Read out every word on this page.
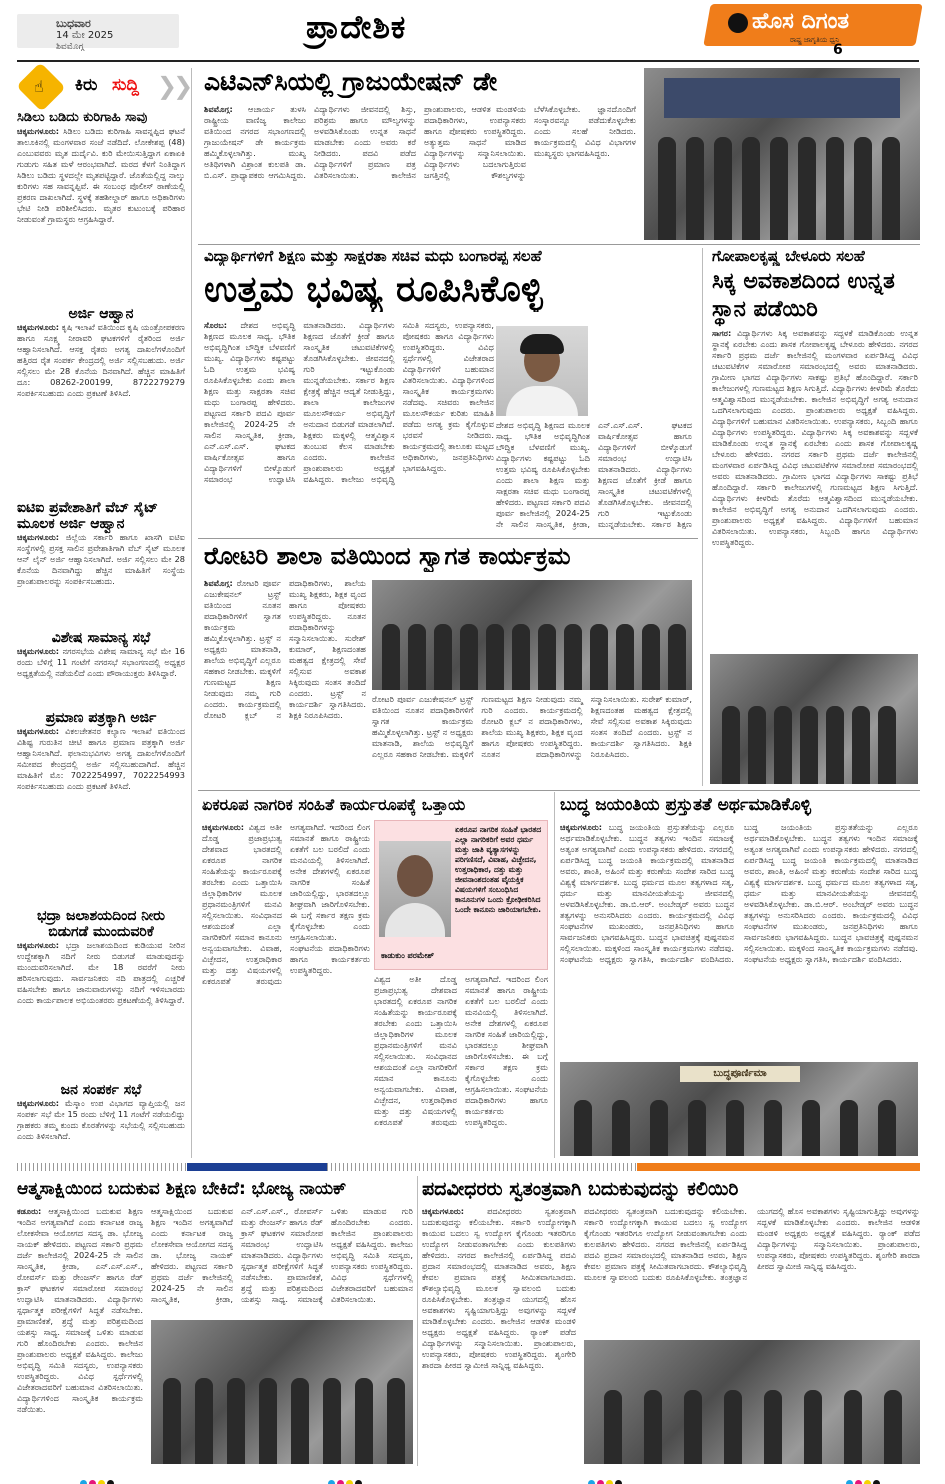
ಬುಧವಾರ
14 ಮೇ 2025
ಶಿವಮೊಗ್ಗ
ಪ್ರಾದೇಶಿಕ	ಹೊಸ ದಿಗಂತ
ರಾಷ್ಟ್ರ ಜಾಗೃತಿಯ ಧ್ವನಿ
6
☝ ಕಿರು ಸುದ್ದಿ ❯❯
ಸಿಡಿಲು ಬಡಿದು ಕುರಿಗಾಹಿ ಸಾವು

ಚಿಕ್ಕಮಗಳೂರು: ಸಿಡಿಲು ಬಡಿದು ಕುರಿಗಾಹಿ ಸಾವನ್ನಪ್ಪಿದ ಘಟನೆ ತಾಲೂಕಿನಲ್ಲಿ ಮಂಗಳವಾರ ಸಂಜೆ ನಡೆದಿದೆ. ಲೋಕೇಶಪ್ಪ (48) ಎಂಬುವವರು ಮೃತ ದುರ್ದೈವಿ. ಕುರಿ ಮೇಯಿಸುತ್ತಿದ್ದಾಗ ಏಕಾಏಕಿ ಗುಡುಗು ಸಹಿತ ಮಳೆ ಆರಂಭವಾಗಿದೆ. ಮರದ ಕೆಳಗೆ ನಿಂತಿದ್ದಾಗ ಸಿಡಿಲು ಬಡಿದು ಸ್ಥಳದಲ್ಲೇ ಮೃತಪಟ್ಟಿದ್ದಾರೆ. ಜೊತೆಯಲ್ಲಿದ್ದ ನಾಲ್ಕು ಕುರಿಗಳು ಸಹ ಸಾವನ್ನಪ್ಪಿವೆ. ಈ ಸಂಬಂಧ ಪೊಲೀಸ್ ಠಾಣೆಯಲ್ಲಿ ಪ್ರಕರಣ ದಾಖಲಾಗಿದೆ. ಸ್ಥಳಕ್ಕೆ ತಹಶೀಲ್ದಾರ್ ಹಾಗೂ ಅಧಿಕಾರಿಗಳು ಭೇಟಿ ನೀಡಿ ಪರಿಶೀಲಿಸಿದರು. ಮೃತರ ಕುಟುಂಬಕ್ಕೆ ಪರಿಹಾರ ನೀಡುವಂತೆ ಗ್ರಾಮಸ್ಥರು ಆಗ್ರಹಿಸಿದ್ದಾರೆ.

ಅರ್ಜಿ ಆಹ್ವಾನ

ಚಿಕ್ಕಮಗಳೂರು: ಕೃಷಿ ಇಲಾಖೆ ವತಿಯಿಂದ ಕೃಷಿ ಯಂತ್ರೋಪಕರಣ ಹಾಗೂ ಸೂಕ್ಷ್ಮ ನೀರಾವರಿ ಘಟಕಗಳಿಗೆ ರೈತರಿಂದ ಅರ್ಜಿ ಆಹ್ವಾನಿಸಲಾಗಿದೆ. ಆಸಕ್ತ ರೈತರು ಅಗತ್ಯ ದಾಖಲೆಗಳೊಂದಿಗೆ ಹತ್ತಿರದ ರೈತ ಸಂಪರ್ಕ ಕೇಂದ್ರದಲ್ಲಿ ಅರ್ಜಿ ಸಲ್ಲಿಸಬಹುದು. ಅರ್ಜಿ ಸಲ್ಲಿಸಲು ಮೇ 28 ಕೊನೆಯ ದಿನವಾಗಿದೆ. ಹೆಚ್ಚಿನ ಮಾಹಿತಿಗೆ ದೂ: 08262-200199, 8722279279 ಸಂಪರ್ಕಿಸಬಹುದು ಎಂದು ಪ್ರಕಟಣೆ ತಿಳಿಸಿದೆ.

ಐಟಿಐ ಪ್ರವೇಶಾತಿಗೆ ವೆಬ್ ಸೈಟ್ ಮೂಲಕ ಅರ್ಜಿ ಆಹ್ವಾನ

ಚಿಕ್ಕಮಗಳೂರು: ಜಿಲ್ಲೆಯ ಸರ್ಕಾರಿ ಹಾಗೂ ಖಾಸಗಿ ಐಟಿಐ ಸಂಸ್ಥೆಗಳಲ್ಲಿ ಪ್ರಸಕ್ತ ಸಾಲಿನ ಪ್ರವೇಶಾತಿಗಾಗಿ ವೆಬ್ ಸೈಟ್ ಮೂಲಕ ಆನ್ ಲೈನ್ ಅರ್ಜಿ ಆಹ್ವಾನಿಸಲಾಗಿದೆ. ಅರ್ಜಿ ಸಲ್ಲಿಸಲು ಮೇ 28 ಕೊನೆಯ ದಿನವಾಗಿದ್ದು ಹೆಚ್ಚಿನ ಮಾಹಿತಿಗೆ ಸಂಸ್ಥೆಯ ಪ್ರಾಂಶುಪಾಲರನ್ನು ಸಂಪರ್ಕಿಸಬಹುದು.

ವಿಶೇಷ ಸಾಮಾನ್ಯ ಸಭೆ

ಚಿಕ್ಕಮಗಳೂರು: ನಗರಸಭೆಯ ವಿಶೇಷ ಸಾಮಾನ್ಯ ಸಭೆ ಮೇ 16 ರಂದು ಬೆಳಿಗ್ಗೆ 11 ಗಂಟೆಗೆ ನಗರಸಭೆ ಸಭಾಂಗಣದಲ್ಲಿ ಅಧ್ಯಕ್ಷರ ಅಧ್ಯಕ್ಷತೆಯಲ್ಲಿ ನಡೆಯಲಿದೆ ಎಂದು ಪೌರಾಯುಕ್ತರು ತಿಳಿಸಿದ್ದಾರೆ.

ಪ್ರಮಾಣ ಪತ್ರಕ್ಕಾಗಿ ಅರ್ಜಿ

ಚಿಕ್ಕಮಗಳೂರು: ವಿಕಲಚೇತನರ ಕಲ್ಯಾಣ ಇಲಾಖೆ ವತಿಯಿಂದ ವಿಶಿಷ್ಟ ಗುರುತಿನ ಚೀಟಿ ಹಾಗೂ ಪ್ರಮಾಣ ಪತ್ರಕ್ಕಾಗಿ ಅರ್ಜಿ ಆಹ್ವಾನಿಸಲಾಗಿದೆ. ಫಲಾನುಭವಿಗಳು ಅಗತ್ಯ ದಾಖಲೆಗಳೊಂದಿಗೆ ಸಮೀಪದ ಕೇಂದ್ರದಲ್ಲಿ ಅರ್ಜಿ ಸಲ್ಲಿಸಬಹುದಾಗಿದೆ. ಹೆಚ್ಚಿನ ಮಾಹಿತಿಗೆ ಮೊ: 7022254997, 7022254993 ಸಂಪರ್ಕಿಸಬಹುದು ಎಂದು ಪ್ರಕಟಣೆ ತಿಳಿಸಿದೆ.

ಭದ್ರಾ ಜಲಾಶಯದಿಂದ ನೀರು ಬಿಡುಗಡೆ ಮುಂದುವರಿಕೆ

ಚಿಕ್ಕಮಗಳೂರು: ಭದ್ರಾ ಜಲಾಶಯದಿಂದ ಕುಡಿಯುವ ನೀರಿನ ಉದ್ದೇಶಕ್ಕಾಗಿ ನದಿಗೆ ನೀರು ಬಿಡುಗಡೆ ಮಾಡುವುದನ್ನು ಮುಂದುವರಿಸಲಾಗಿದೆ. ಮೇ 18 ರವರೆಗೆ ನೀರು ಹರಿಸಲಾಗುವುದು. ಸಾರ್ವಜನಿಕರು ನದಿ ಪಾತ್ರದಲ್ಲಿ ಎಚ್ಚರಿಕೆ ವಹಿಸಬೇಕು ಹಾಗೂ ಜಾನುವಾರುಗಳನ್ನು ನದಿಗೆ ಇಳಿಸಬಾರದು ಎಂದು ಕಾರ್ಯಪಾಲಕ ಅಭಿಯಂತರರು ಪ್ರಕಟಣೆಯಲ್ಲಿ ತಿಳಿಸಿದ್ದಾರೆ.

ಜನ ಸಂಪರ್ಕ ಸಭೆ

ಚಿಕ್ಕಮಗಳೂರು: ಮೆಸ್ಕಾಂ ಉಪ ವಿಭಾಗದ ವ್ಯಾಪ್ತಿಯಲ್ಲಿ ಜನ ಸಂಪರ್ಕ ಸಭೆ ಮೇ 15 ರಂದು ಬೆಳಿಗ್ಗೆ 11 ಗಂಟೆಗೆ ನಡೆಯಲಿದ್ದು ಗ್ರಾಹಕರು ತಮ್ಮ ಕುಂದು ಕೊರತೆಗಳನ್ನು ಸಭೆಯಲ್ಲಿ ಸಲ್ಲಿಸಬಹುದು ಎಂದು ತಿಳಿಸಲಾಗಿದೆ.

ಎಟಿಎನ್‌ಸಿಯಲ್ಲಿ ಗ್ರಾಜುಯೇಷನ್ ಡೇ
ಶಿವಮೊಗ್ಗ: ಆಚಾರ್ಯ ತುಳಸಿ ರಾಷ್ಟ್ರೀಯ ವಾಣಿಜ್ಯ ಕಾಲೇಜು ವತಿಯಿಂದ ನಗರದ ಸಭಾಂಗಣದಲ್ಲಿ ಗ್ರಾಜುಯೇಷನ್ ಡೇ ಕಾರ್ಯಕ್ರಮ ಹಮ್ಮಿಕೊಳ್ಳಲಾಗಿತ್ತು. ಮುಖ್ಯ ಅತಿಥಿಗಳಾಗಿ ವಿಶ್ರಾಂತ ಕುಲಪತಿ ಡಾ. ಬಿ.ಎಸ್. ಪ್ರಾಧ್ಯಾಪಕರು ಆಗಮಿಸಿದ್ದರು. ವಿದ್ಯಾರ್ಥಿಗಳು ಜೀವನದಲ್ಲಿ ಶಿಸ್ತು, ಪರಿಶ್ರಮ ಹಾಗೂ ಮೌಲ್ಯಗಳನ್ನು ಅಳವಡಿಸಿಕೊಂಡು ಉನ್ನತ ಸಾಧನೆ ಮಾಡಬೇಕು ಎಂದು ಅವರು ಕರೆ ನೀಡಿದರು. ಪದವಿ ಪಡೆದ ವಿದ್ಯಾರ್ಥಿಗಳಿಗೆ ಪ್ರಮಾಣ ಪತ್ರ ವಿತರಿಸಲಾಯಿತು. ಕಾಲೇಜಿನ ಪ್ರಾಂಶುಪಾಲರು, ಆಡಳಿತ ಮಂಡಳಿಯ ಪದಾಧಿಕಾರಿಗಳು, ಉಪನ್ಯಾಸಕರು ಹಾಗೂ ಪೋಷಕರು ಉಪಸ್ಥಿತರಿದ್ದರು. ಅತ್ಯುತ್ತಮ ಸಾಧನೆ ಮಾಡಿದ ವಿದ್ಯಾರ್ಥಿಗಳನ್ನು ಸನ್ಮಾನಿಸಲಾಯಿತು. ವಿದ್ಯಾರ್ಥಿಗಳು ಬದಲಾಗುತ್ತಿರುವ ಜಗತ್ತಿನಲ್ಲಿ ಕೌಶಲ್ಯಗಳನ್ನು ಬೆಳೆಸಿಕೊಳ್ಳಬೇಕು. ಜ್ಞಾನದೊಂದಿಗೆ ಸಂಸ್ಕಾರವನ್ನೂ ಪಡೆದುಕೊಳ್ಳಬೇಕು ಎಂದು ಸಲಹೆ ನೀಡಿದರು. ಕಾರ್ಯಕ್ರಮದಲ್ಲಿ ವಿವಿಧ ವಿಭಾಗಗಳ ಮುಖ್ಯಸ್ಥರು ಭಾಗವಹಿಸಿದ್ದರು.
ವಿದ್ಯಾರ್ಥಿಗಳಿಗೆ ಶಿಕ್ಷಣ ಮತ್ತು ಸಾಕ್ಷರತಾ ಸಚಿವ ಮಧು ಬಂಗಾರಪ್ಪ ಸಲಹೆ
ಉತ್ತಮ ಭವಿಷ್ಯ ರೂಪಿಸಿಕೊಳ್ಳಿ
ಸೊರಬ: ದೇಶದ ಅಭಿವೃದ್ಧಿ ಶಿಕ್ಷಣದ ಮೂಲಕ ಸಾಧ್ಯ. ಭೌತಿಕ ಅಭಿವೃದ್ಧಿಗಿಂತ ಬೌದ್ಧಿಕ ಬೆಳವಣಿಗೆ ಮುಖ್ಯ. ವಿದ್ಯಾರ್ಥಿಗಳು ಕಷ್ಟಪಟ್ಟು ಓದಿ ಉತ್ತಮ ಭವಿಷ್ಯ ರೂಪಿಸಿಕೊಳ್ಳಬೇಕು ಎಂದು ಶಾಲಾ ಶಿಕ್ಷಣ ಮತ್ತು ಸಾಕ್ಷರತಾ ಸಚಿವ ಮಧು ಬಂಗಾರಪ್ಪ ಹೇಳಿದರು. ಪಟ್ಟಣದ ಸರ್ಕಾರಿ ಪದವಿ ಪೂರ್ವ ಕಾಲೇಜಿನಲ್ಲಿ 2024-25 ನೇ ಸಾಲಿನ ಸಾಂಸ್ಕೃತಿಕ, ಕ್ರೀಡಾ, ಎನ್.ಎಸ್.ಎಸ್. ಘಟಕದ ವಾರ್ಷಿಕೋತ್ಸವ ಹಾಗೂ ವಿದ್ಯಾರ್ಥಿಗಳಿಗೆ ಬೀಳ್ಕೊಡುಗೆ ಸಮಾರಂಭ ಉದ್ಘಾಟಿಸಿ ಮಾತನಾಡಿದರು. ವಿದ್ಯಾರ್ಥಿಗಳು ಶಿಕ್ಷಣದ ಜೊತೆಗೆ ಕ್ರೀಡೆ ಹಾಗೂ ಸಾಂಸ್ಕೃತಿಕ ಚಟುವಟಿಕೆಗಳಲ್ಲಿ ತೊಡಗಿಸಿಕೊಳ್ಳಬೇಕು. ಜೀವನದಲ್ಲಿ ಗುರಿ ಇಟ್ಟುಕೊಂಡು ಮುನ್ನಡೆಯಬೇಕು. ಸರ್ಕಾರ ಶಿಕ್ಷಣ ಕ್ಷೇತ್ರಕ್ಕೆ ಹೆಚ್ಚಿನ ಆದ್ಯತೆ ನೀಡುತ್ತಿದ್ದು, ಶಾಲಾ ಕಾಲೇಜುಗಳ ಮೂಲಸೌಕರ್ಯ ಅಭಿವೃದ್ಧಿಗೆ ಅನುದಾನ ಬಿಡುಗಡೆ ಮಾಡಲಾಗಿದೆ. ಶಿಕ್ಷಕರು ಮಕ್ಕಳಲ್ಲಿ ಆತ್ಮವಿಶ್ವಾಸ ತುಂಬುವ ಕೆಲಸ ಮಾಡಬೇಕು ಎಂದರು. ಕಾಲೇಜಿನ ಪ್ರಾಂಶುಪಾಲರು ಅಧ್ಯಕ್ಷತೆ ವಹಿಸಿದ್ದರು. ಕಾಲೇಜು ಅಭಿವೃದ್ಧಿ ಸಮಿತಿ ಸದಸ್ಯರು, ಉಪನ್ಯಾಸಕರು, ಪೋಷಕರು ಹಾಗೂ ವಿದ್ಯಾರ್ಥಿಗಳು ಉಪಸ್ಥಿತರಿದ್ದರು. ವಿವಿಧ ಸ್ಪರ್ಧೆಗಳಲ್ಲಿ ವಿಜೇತರಾದ ವಿದ್ಯಾರ್ಥಿಗಳಿಗೆ ಬಹುಮಾನ ವಿತರಿಸಲಾಯಿತು. ವಿದ್ಯಾರ್ಥಿಗಳಿಂದ ಸಾಂಸ್ಕೃತಿಕ ಕಾರ್ಯಕ್ರಮಗಳು ನಡೆದವು. ಸಚಿವರು ಕಾಲೇಜಿನ ಮೂಲಸೌಕರ್ಯ ಕುರಿತು ಮಾಹಿತಿ ಪಡೆದು ಅಗತ್ಯ ಕ್ರಮ ಕೈಗೊಳ್ಳುವ ಭರವಸೆ ನೀಡಿದರು. ಕಾರ್ಯಕ್ರಮದಲ್ಲಿ ತಾಲೂಕು ಮಟ್ಟದ ಅಧಿಕಾರಿಗಳು, ಜನಪ್ರತಿನಿಧಿಗಳು ಭಾಗವಹಿಸಿದ್ದರು.
ದೇಶದ ಅಭಿವೃದ್ಧಿ ಶಿಕ್ಷಣದ ಮೂಲಕ ಸಾಧ್ಯ. ಭೌತಿಕ ಅಭಿವೃದ್ಧಿಗಿಂತ ಬೌದ್ಧಿಕ ಬೆಳವಣಿಗೆ ಮುಖ್ಯ. ವಿದ್ಯಾರ್ಥಿಗಳು ಕಷ್ಟಪಟ್ಟು ಓದಿ ಉತ್ತಮ ಭವಿಷ್ಯ ರೂಪಿಸಿಕೊಳ್ಳಬೇಕು ಎಂದು ಶಾಲಾ ಶಿಕ್ಷಣ ಮತ್ತು ಸಾಕ್ಷರತಾ ಸಚಿವ ಮಧು ಬಂಗಾರಪ್ಪ ಹೇಳಿದರು. ಪಟ್ಟಣದ ಸರ್ಕಾರಿ ಪದವಿ ಪೂರ್ವ ಕಾಲೇಜಿನಲ್ಲಿ 2024-25 ನೇ ಸಾಲಿನ ಸಾಂಸ್ಕೃತಿಕ, ಕ್ರೀಡಾ, ಎನ್.ಎಸ್.ಎಸ್. ಘಟಕದ ವಾರ್ಷಿಕೋತ್ಸವ ಹಾಗೂ ವಿದ್ಯಾರ್ಥಿಗಳಿಗೆ ಬೀಳ್ಕೊಡುಗೆ ಸಮಾರಂಭ ಉದ್ಘಾಟಿಸಿ ಮಾತನಾಡಿದರು. ವಿದ್ಯಾರ್ಥಿಗಳು ಶಿಕ್ಷಣದ ಜೊತೆಗೆ ಕ್ರೀಡೆ ಹಾಗೂ ಸಾಂಸ್ಕೃತಿಕ ಚಟುವಟಿಕೆಗಳಲ್ಲಿ ತೊಡಗಿಸಿಕೊಳ್ಳಬೇಕು. ಜೀವನದಲ್ಲಿ ಗುರಿ ಇಟ್ಟುಕೊಂಡು ಮುನ್ನಡೆಯಬೇಕು. ಸರ್ಕಾರ ಶಿಕ್ಷಣ
ಗೋಪಾಲಕೃಷ್ಣ ಬೇಳೂರು ಸಲಹೆ
ಸಿಕ್ಕ ಅವಕಾಶದಿಂದ ಉನ್ನತ ಸ್ಥಾನ ಪಡೆಯಿರಿ
ಸಾಗರ: ವಿದ್ಯಾರ್ಥಿಗಳು ಸಿಕ್ಕ ಅವಕಾಶವನ್ನು ಸದ್ಬಳಕೆ ಮಾಡಿಕೊಂಡು ಉನ್ನತ ಸ್ಥಾನಕ್ಕೆ ಏರಬೇಕು ಎಂದು ಶಾಸಕ ಗೋಪಾಲಕೃಷ್ಣ ಬೇಳೂರು ಹೇಳಿದರು. ನಗರದ ಸರ್ಕಾರಿ ಪ್ರಥಮ ದರ್ಜೆ ಕಾಲೇಜಿನಲ್ಲಿ ಮಂಗಳವಾರ ಏರ್ಪಡಿಸಿದ್ದ ವಿವಿಧ ಚಟುವಟಿಕೆಗಳ ಸಮಾರೋಪ ಸಮಾರಂಭದಲ್ಲಿ ಅವರು ಮಾತನಾಡಿದರು. ಗ್ರಾಮೀಣ ಭಾಗದ ವಿದ್ಯಾರ್ಥಿಗಳು ಸಾಕಷ್ಟು ಪ್ರತಿಭೆ ಹೊಂದಿದ್ದಾರೆ. ಸರ್ಕಾರಿ ಕಾಲೇಜುಗಳಲ್ಲಿ ಗುಣಮಟ್ಟದ ಶಿಕ್ಷಣ ಸಿಗುತ್ತಿದೆ. ವಿದ್ಯಾರ್ಥಿಗಳು ಕೀಳರಿಮೆ ತೊರೆದು ಆತ್ಮವಿಶ್ವಾಸದಿಂದ ಮುನ್ನಡೆಯಬೇಕು. ಕಾಲೇಜಿನ ಅಭಿವೃದ್ಧಿಗೆ ಅಗತ್ಯ ಅನುದಾನ ಒದಗಿಸಲಾಗುವುದು ಎಂದರು. ಪ್ರಾಂಶುಪಾಲರು ಅಧ್ಯಕ್ಷತೆ ವಹಿಸಿದ್ದರು. ವಿದ್ಯಾರ್ಥಿಗಳಿಗೆ ಬಹುಮಾನ ವಿತರಿಸಲಾಯಿತು. ಉಪನ್ಯಾಸಕರು, ಸಿಬ್ಬಂದಿ ಹಾಗೂ ವಿದ್ಯಾರ್ಥಿಗಳು ಉಪಸ್ಥಿತರಿದ್ದರು. ವಿದ್ಯಾರ್ಥಿಗಳು ಸಿಕ್ಕ ಅವಕಾಶವನ್ನು ಸದ್ಬಳಕೆ ಮಾಡಿಕೊಂಡು ಉನ್ನತ ಸ್ಥಾನಕ್ಕೆ ಏರಬೇಕು ಎಂದು ಶಾಸಕ ಗೋಪಾಲಕೃಷ್ಣ ಬೇಳೂರು ಹೇಳಿದರು. ನಗರದ ಸರ್ಕಾರಿ ಪ್ರಥಮ ದರ್ಜೆ ಕಾಲೇಜಿನಲ್ಲಿ ಮಂಗಳವಾರ ಏರ್ಪಡಿಸಿದ್ದ ವಿವಿಧ ಚಟುವಟಿಕೆಗಳ ಸಮಾರೋಪ ಸಮಾರಂಭದಲ್ಲಿ ಅವರು ಮಾತನಾಡಿದರು. ಗ್ರಾಮೀಣ ಭಾಗದ ವಿದ್ಯಾರ್ಥಿಗಳು ಸಾಕಷ್ಟು ಪ್ರತಿಭೆ ಹೊಂದಿದ್ದಾರೆ. ಸರ್ಕಾರಿ ಕಾಲೇಜುಗಳಲ್ಲಿ ಗುಣಮಟ್ಟದ ಶಿಕ್ಷಣ ಸಿಗುತ್ತಿದೆ. ವಿದ್ಯಾರ್ಥಿಗಳು ಕೀಳರಿಮೆ ತೊರೆದು ಆತ್ಮವಿಶ್ವಾಸದಿಂದ ಮುನ್ನಡೆಯಬೇಕು. ಕಾಲೇಜಿನ ಅಭಿವೃದ್ಧಿಗೆ ಅಗತ್ಯ ಅನುದಾನ ಒದಗಿಸಲಾಗುವುದು ಎಂದರು. ಪ್ರಾಂಶುಪಾಲರು ಅಧ್ಯಕ್ಷತೆ ವಹಿಸಿದ್ದರು. ವಿದ್ಯಾರ್ಥಿಗಳಿಗೆ ಬಹುಮಾನ ವಿತರಿಸಲಾಯಿತು. ಉಪನ್ಯಾಸಕರು, ಸಿಬ್ಬಂದಿ ಹಾಗೂ ವಿದ್ಯಾರ್ಥಿಗಳು ಉಪಸ್ಥಿತರಿದ್ದರು.
ರೋಟರಿ ಶಾಲಾ ವತಿಯಿಂದ ಸ್ವಾಗತ ಕಾರ್ಯಕ್ರಮ
ಶಿವಮೊಗ್ಗ: ರೋಟರಿ ಪೂರ್ವ ಎಜುಕೇಷನಲ್ ಟ್ರಸ್ಟ್ ವತಿಯಿಂದ ನೂತನ ಪದಾಧಿಕಾರಿಗಳಿಗೆ ಸ್ವಾಗತ ಕಾರ್ಯಕ್ರಮ ಹಮ್ಮಿಕೊಳ್ಳಲಾಗಿತ್ತು. ಟ್ರಸ್ಟ್ ನ ಅಧ್ಯಕ್ಷರು ಮಾತನಾಡಿ, ಶಾಲೆಯ ಅಭಿವೃದ್ಧಿಗೆ ಎಲ್ಲರೂ ಸಹಕಾರ ನೀಡಬೇಕು. ಮಕ್ಕಳಿಗೆ ಗುಣಮಟ್ಟದ ಶಿಕ್ಷಣ ನೀಡುವುದು ನಮ್ಮ ಗುರಿ ಎಂದರು. ಕಾರ್ಯಕ್ರಮದಲ್ಲಿ ರೋಟರಿ ಕ್ಲಬ್ ನ ಪದಾಧಿಕಾರಿಗಳು, ಶಾಲೆಯ ಮುಖ್ಯ ಶಿಕ್ಷಕರು, ಶಿಕ್ಷಕ ವೃಂದ ಹಾಗೂ ಪೋಷಕರು ಉಪಸ್ಥಿತರಿದ್ದರು. ನೂತನ ಪದಾಧಿಕಾರಿಗಳನ್ನು ಸನ್ಮಾನಿಸಲಾಯಿತು. ಸುರೇಶ್ ಕುಮಾರ್, ಶಿಕ್ಷಣದಂತಹ ಮಹತ್ವದ ಕ್ಷೇತ್ರದಲ್ಲಿ ಸೇವೆ ಸಲ್ಲಿಸುವ ಅವಕಾಶ ಸಿಕ್ಕಿರುವುದು ಸಂತಸ ತಂದಿದೆ ಎಂದರು. ಟ್ರಸ್ಟ್ ನ ಕಾರ್ಯದರ್ಶಿ ಸ್ವಾಗತಿಸಿದರು. ಶಿಕ್ಷಕಿ ನಿರೂಪಿಸಿದರು.
ರೋಟರಿ ಪೂರ್ವ ಎಜುಕೇಷನಲ್ ಟ್ರಸ್ಟ್ ವತಿಯಿಂದ ನೂತನ ಪದಾಧಿಕಾರಿಗಳಿಗೆ ಸ್ವಾಗತ ಕಾರ್ಯಕ್ರಮ ಹಮ್ಮಿಕೊಳ್ಳಲಾಗಿತ್ತು. ಟ್ರಸ್ಟ್ ನ ಅಧ್ಯಕ್ಷರು ಮಾತನಾಡಿ, ಶಾಲೆಯ ಅಭಿವೃದ್ಧಿಗೆ ಎಲ್ಲರೂ ಸಹಕಾರ ನೀಡಬೇಕು. ಮಕ್ಕಳಿಗೆ ಗುಣಮಟ್ಟದ ಶಿಕ್ಷಣ ನೀಡುವುದು ನಮ್ಮ ಗುರಿ ಎಂದರು. ಕಾರ್ಯಕ್ರಮದಲ್ಲಿ ರೋಟರಿ ಕ್ಲಬ್ ನ ಪದಾಧಿಕಾರಿಗಳು, ಶಾಲೆಯ ಮುಖ್ಯ ಶಿಕ್ಷಕರು, ಶಿಕ್ಷಕ ವೃಂದ ಹಾಗೂ ಪೋಷಕರು ಉಪಸ್ಥಿತರಿದ್ದರು. ನೂತನ ಪದಾಧಿಕಾರಿಗಳನ್ನು ಸನ್ಮಾನಿಸಲಾಯಿತು. ಸುರೇಶ್ ಕುಮಾರ್, ಶಿಕ್ಷಣದಂತಹ ಮಹತ್ವದ ಕ್ಷೇತ್ರದಲ್ಲಿ ಸೇವೆ ಸಲ್ಲಿಸುವ ಅವಕಾಶ ಸಿಕ್ಕಿರುವುದು ಸಂತಸ ತಂದಿದೆ ಎಂದರು. ಟ್ರಸ್ಟ್ ನ ಕಾರ್ಯದರ್ಶಿ ಸ್ವಾಗತಿಸಿದರು. ಶಿಕ್ಷಕಿ ನಿರೂಪಿಸಿದರು.
ಏಕರೂಪ ನಾಗರಿಕ ಸಂಹಿತೆ ಕಾರ್ಯರೂಪಕ್ಕೆ ಒತ್ತಾಯ
ಚಿಕ್ಕಮಗಳೂರು: ವಿಶ್ವದ ಅತೀ ದೊಡ್ಡ ಪ್ರಜಾಪ್ರಭುತ್ವ ದೇಶವಾದ ಭಾರತದಲ್ಲಿ ಏಕರೂಪ ನಾಗರಿಕ ಸಂಹಿತೆಯನ್ನು ಕಾರ್ಯರೂಪಕ್ಕೆ ತರಬೇಕು ಎಂದು ಒತ್ತಾಯಿಸಿ ಜಿಲ್ಲಾಧಿಕಾರಿಗಳ ಮೂಲಕ ಪ್ರಧಾನಮಂತ್ರಿಗಳಿಗೆ ಮನವಿ ಸಲ್ಲಿಸಲಾಯಿತು. ಸಂವಿಧಾನದ ಆಶಯದಂತೆ ಎಲ್ಲಾ ನಾಗರಿಕರಿಗೆ ಸಮಾನ ಕಾನೂನು ಅನ್ವಯವಾಗಬೇಕು. ವಿವಾಹ, ವಿಚ್ಛೇದನ, ಉತ್ತರಾಧಿಕಾರ ಮತ್ತು ದತ್ತು ವಿಷಯಗಳಲ್ಲಿ ಏಕರೂಪತೆ ತರುವುದು ಅಗತ್ಯವಾಗಿದೆ. ಇದರಿಂದ ಲಿಂಗ ಸಮಾನತೆ ಹಾಗೂ ರಾಷ್ಟ್ರೀಯ ಏಕತೆಗೆ ಬಲ ಬರಲಿದೆ ಎಂದು ಮನವಿಯಲ್ಲಿ ತಿಳಿಸಲಾಗಿದೆ. ಅನೇಕ ದೇಶಗಳಲ್ಲಿ ಏಕರೂಪ ನಾಗರಿಕ ಸಂಹಿತೆ ಜಾರಿಯಲ್ಲಿದ್ದು, ಭಾರತದಲ್ಲೂ ಶೀಘ್ರವಾಗಿ ಜಾರಿಗೊಳಿಸಬೇಕು. ಈ ಬಗ್ಗೆ ಸರ್ಕಾರ ತಕ್ಷಣ ಕ್ರಮ ಕೈಗೊಳ್ಳಬೇಕು ಎಂದು ಆಗ್ರಹಿಸಲಾಯಿತು. ಸಂಘಟನೆಯ ಪದಾಧಿಕಾರಿಗಳು ಹಾಗೂ ಕಾರ್ಯಕರ್ತರು ಉಪಸ್ಥಿತರಿದ್ದರು.
ಏಕರೂಪ ನಾಗರಿಕ ಸಂಹಿತೆ ಭಾರತದ ಎಲ್ಲಾ ನಾಗರಿಕರಿಗೆ ಅವರ ಧರ್ಮ ಮತ್ತು ಜಾತಿ ವ್ಯತ್ಯಾಸಗಳನ್ನು ಪರಿಗಣಿಸದೆ, ವಿವಾಹ, ವಿಚ್ಛೇದನ, ಉತ್ತರಾಧಿಕಾರ, ದತ್ತು ಮತ್ತು ಜೀವನಾಂಶದಂತಹ ವೈಯಕ್ತಿಕ ವಿಷಯಗಳಿಗೆ ಸಂಬಂಧಿಸಿದ ಕಾನೂನುಗಳ ಒಂದು ಕ್ರೋಢೀಕರಿಸಿದ ಒಂದೇ ಕಾನೂನು ಜಾರಿಯಾಗಬೇಕು.
ಕಾಡುಕುಂ ಪರಮೇಶ್
ವಿಶ್ವದ ಅತೀ ದೊಡ್ಡ ಪ್ರಜಾಪ್ರಭುತ್ವ ದೇಶವಾದ ಭಾರತದಲ್ಲಿ ಏಕರೂಪ ನಾಗರಿಕ ಸಂಹಿತೆಯನ್ನು ಕಾರ್ಯರೂಪಕ್ಕೆ ತರಬೇಕು ಎಂದು ಒತ್ತಾಯಿಸಿ ಜಿಲ್ಲಾಧಿಕಾರಿಗಳ ಮೂಲಕ ಪ್ರಧಾನಮಂತ್ರಿಗಳಿಗೆ ಮನವಿ ಸಲ್ಲಿಸಲಾಯಿತು. ಸಂವಿಧಾನದ ಆಶಯದಂತೆ ಎಲ್ಲಾ ನಾಗರಿಕರಿಗೆ ಸಮಾನ ಕಾನೂನು ಅನ್ವಯವಾಗಬೇಕು. ವಿವಾಹ, ವಿಚ್ಛೇದನ, ಉತ್ತರಾಧಿಕಾರ ಮತ್ತು ದತ್ತು ವಿಷಯಗಳಲ್ಲಿ ಏಕರೂಪತೆ ತರುವುದು ಅಗತ್ಯವಾಗಿದೆ. ಇದರಿಂದ ಲಿಂಗ ಸಮಾನತೆ ಹಾಗೂ ರಾಷ್ಟ್ರೀಯ ಏಕತೆಗೆ ಬಲ ಬರಲಿದೆ ಎಂದು ಮನವಿಯಲ್ಲಿ ತಿಳಿಸಲಾಗಿದೆ. ಅನೇಕ ದೇಶಗಳಲ್ಲಿ ಏಕರೂಪ ನಾಗರಿಕ ಸಂಹಿತೆ ಜಾರಿಯಲ್ಲಿದ್ದು, ಭಾರತದಲ್ಲೂ ಶೀಘ್ರವಾಗಿ ಜಾರಿಗೊಳಿಸಬೇಕು. ಈ ಬಗ್ಗೆ ಸರ್ಕಾರ ತಕ್ಷಣ ಕ್ರಮ ಕೈಗೊಳ್ಳಬೇಕು ಎಂದು ಆಗ್ರಹಿಸಲಾಯಿತು. ಸಂಘಟನೆಯ ಪದಾಧಿಕಾರಿಗಳು ಹಾಗೂ ಕಾರ್ಯಕರ್ತರು ಉಪಸ್ಥಿತರಿದ್ದರು.
ಬುದ್ಧ ಜಯಂತಿಯ ಪ್ರಸ್ತುತತೆ ಅರ್ಥಮಾಡಿಕೊಳ್ಳಿ
ಚಿಕ್ಕಮಗಳೂರು: ಬುದ್ಧ ಜಯಂತಿಯ ಪ್ರಸ್ತುತತೆಯನ್ನು ಎಲ್ಲರೂ ಅರ್ಥಮಾಡಿಕೊಳ್ಳಬೇಕು. ಬುದ್ಧನ ತತ್ವಗಳು ಇಂದಿನ ಸಮಾಜಕ್ಕೆ ಅತ್ಯಂತ ಅಗತ್ಯವಾಗಿವೆ ಎಂದು ಉಪನ್ಯಾಸಕರು ಹೇಳಿದರು. ನಗರದಲ್ಲಿ ಏರ್ಪಡಿಸಿದ್ದ ಬುದ್ಧ ಜಯಂತಿ ಕಾರ್ಯಕ್ರಮದಲ್ಲಿ ಮಾತನಾಡಿದ ಅವರು, ಶಾಂತಿ, ಅಹಿಂಸೆ ಮತ್ತು ಕರುಣೆಯ ಸಂದೇಶ ಸಾರಿದ ಬುದ್ಧ ವಿಶ್ವಕ್ಕೆ ಮಾರ್ಗದರ್ಶಕ. ಬುದ್ಧ ಧರ್ಮದ ಮೂಲ ತತ್ವಗಳಾದ ಸತ್ಯ, ಧರ್ಮ ಮತ್ತು ಮಾನವೀಯತೆಯನ್ನು ಜೀವನದಲ್ಲಿ ಅಳವಡಿಸಿಕೊಳ್ಳಬೇಕು. ಡಾ.ಬಿ.ಆರ್. ಅಂಬೇಡ್ಕರ್ ಅವರು ಬುದ್ಧನ ತತ್ವಗಳನ್ನು ಅನುಸರಿಸಿದರು ಎಂದರು. ಕಾರ್ಯಕ್ರಮದಲ್ಲಿ ವಿವಿಧ ಸಂಘಟನೆಗಳ ಮುಖಂಡರು, ಜನಪ್ರತಿನಿಧಿಗಳು ಹಾಗೂ ಸಾರ್ವಜನಿಕರು ಭಾಗವಹಿಸಿದ್ದರು. ಬುದ್ಧನ ಭಾವಚಿತ್ರಕ್ಕೆ ಪುಷ್ಪನಮನ ಸಲ್ಲಿಸಲಾಯಿತು. ಮಕ್ಕಳಿಂದ ಸಾಂಸ್ಕೃತಿಕ ಕಾರ್ಯಕ್ರಮಗಳು ನಡೆದವು. ಸಂಘಟನೆಯ ಅಧ್ಯಕ್ಷರು ಸ್ವಾಗತಿಸಿ, ಕಾರ್ಯದರ್ಶಿ ವಂದಿಸಿದರು. ಬುದ್ಧ ಜಯಂತಿಯ ಪ್ರಸ್ತುತತೆಯನ್ನು ಎಲ್ಲರೂ ಅರ್ಥಮಾಡಿಕೊಳ್ಳಬೇಕು. ಬುದ್ಧನ ತತ್ವಗಳು ಇಂದಿನ ಸಮಾಜಕ್ಕೆ ಅತ್ಯಂತ ಅಗತ್ಯವಾಗಿವೆ ಎಂದು ಉಪನ್ಯಾಸಕರು ಹೇಳಿದರು. ನಗರದಲ್ಲಿ ಏರ್ಪಡಿಸಿದ್ದ ಬುದ್ಧ ಜಯಂತಿ ಕಾರ್ಯಕ್ರಮದಲ್ಲಿ ಮಾತನಾಡಿದ ಅವರು, ಶಾಂತಿ, ಅಹಿಂಸೆ ಮತ್ತು ಕರುಣೆಯ ಸಂದೇಶ ಸಾರಿದ ಬುದ್ಧ ವಿಶ್ವಕ್ಕೆ ಮಾರ್ಗದರ್ಶಕ. ಬುದ್ಧ ಧರ್ಮದ ಮೂಲ ತತ್ವಗಳಾದ ಸತ್ಯ, ಧರ್ಮ ಮತ್ತು ಮಾನವೀಯತೆಯನ್ನು ಜೀವನದಲ್ಲಿ ಅಳವಡಿಸಿಕೊಳ್ಳಬೇಕು. ಡಾ.ಬಿ.ಆರ್. ಅಂಬೇಡ್ಕರ್ ಅವರು ಬುದ್ಧನ ತತ್ವಗಳನ್ನು ಅನುಸರಿಸಿದರು ಎಂದರು. ಕಾರ್ಯಕ್ರಮದಲ್ಲಿ ವಿವಿಧ ಸಂಘಟನೆಗಳ ಮುಖಂಡರು, ಜನಪ್ರತಿನಿಧಿಗಳು ಹಾಗೂ ಸಾರ್ವಜನಿಕರು ಭಾಗವಹಿಸಿದ್ದರು. ಬುದ್ಧನ ಭಾವಚಿತ್ರಕ್ಕೆ ಪುಷ್ಪನಮನ ಸಲ್ಲಿಸಲಾಯಿತು. ಮಕ್ಕಳಿಂದ ಸಾಂಸ್ಕೃತಿಕ ಕಾರ್ಯಕ್ರಮಗಳು ನಡೆದವು. ಸಂಘಟನೆಯ ಅಧ್ಯಕ್ಷರು ಸ್ವಾಗತಿಸಿ, ಕಾರ್ಯದರ್ಶಿ ವಂದಿಸಿದರು.
ಬುದ್ಧಪೂರ್ಣಿಮಾ
ಆತ್ಮಸಾಕ್ಷಿಯಿಂದ ಬದುಕುವ ಶಿಕ್ಷಣ ಬೇಕಿದೆ: ಭೋಜ್ಯ ನಾಯಕ್
ಕಡೂರು: ಆತ್ಮಸಾಕ್ಷಿಯಿಂದ ಬದುಕುವ ಶಿಕ್ಷಣ ಇಂದಿನ ಅಗತ್ಯವಾಗಿದೆ ಎಂದು ಕರ್ನಾಟಕ ರಾಜ್ಯ ಲೋಕಸೇವಾ ಆಯೋಗದ ಸದಸ್ಯ ಡಾ. ಭೋಜ್ಯ ನಾಯಕ್ ಹೇಳಿದರು. ಪಟ್ಟಣದ ಸರ್ಕಾರಿ ಪ್ರಥಮ ದರ್ಜೆ ಕಾಲೇಜಿನಲ್ಲಿ 2024-25 ನೇ ಸಾಲಿನ ಸಾಂಸ್ಕೃತಿಕ, ಕ್ರೀಡಾ, ಎನ್.ಎಸ್.ಎಸ್., ರೋವರ್ಸ್ ಮತ್ತು ರೇಂಜರ್ಸ್ ಹಾಗೂ ರೆಡ್ ಕ್ರಾಸ್ ಘಟಕಗಳ ಸಮಾರೋಪ ಸಮಾರಂಭ ಉದ್ಘಾಟಿಸಿ ಮಾತನಾಡಿದರು. ವಿದ್ಯಾರ್ಥಿಗಳು ಸ್ಪರ್ಧಾತ್ಮಕ ಪರೀಕ್ಷೆಗಳಿಗೆ ಸಿದ್ಧತೆ ನಡೆಸಬೇಕು. ಪ್ರಾಮಾಣಿಕತೆ, ಶ್ರದ್ಧೆ ಮತ್ತು ಪರಿಶ್ರಮದಿಂದ ಯಶಸ್ಸು ಸಾಧ್ಯ. ಸಮಾಜಕ್ಕೆ ಒಳಿತು ಮಾಡುವ ಗುರಿ ಹೊಂದಿರಬೇಕು ಎಂದರು. ಕಾಲೇಜಿನ ಪ್ರಾಂಶುಪಾಲರು ಅಧ್ಯಕ್ಷತೆ ವಹಿಸಿದ್ದರು. ಕಾಲೇಜು ಅಭಿವೃದ್ಧಿ ಸಮಿತಿ ಸದಸ್ಯರು, ಉಪನ್ಯಾಸಕರು ಉಪಸ್ಥಿತರಿದ್ದರು. ವಿವಿಧ ಸ್ಪರ್ಧೆಗಳಲ್ಲಿ ವಿಜೇತರಾದವರಿಗೆ ಬಹುಮಾನ ವಿತರಿಸಲಾಯಿತು. ವಿದ್ಯಾರ್ಥಿಗಳಿಂದ ಸಾಂಸ್ಕೃತಿಕ ಕಾರ್ಯಕ್ರಮ ನಡೆಯಿತು.
ಆತ್ಮಸಾಕ್ಷಿಯಿಂದ ಬದುಕುವ ಶಿಕ್ಷಣ ಇಂದಿನ ಅಗತ್ಯವಾಗಿದೆ ಎಂದು ಕರ್ನಾಟಕ ರಾಜ್ಯ ಲೋಕಸೇವಾ ಆಯೋಗದ ಸದಸ್ಯ ಡಾ. ಭೋಜ್ಯ ನಾಯಕ್ ಹೇಳಿದರು. ಪಟ್ಟಣದ ಸರ್ಕಾರಿ ಪ್ರಥಮ ದರ್ಜೆ ಕಾಲೇಜಿನಲ್ಲಿ 2024-25 ನೇ ಸಾಲಿನ ಸಾಂಸ್ಕೃತಿಕ, ಕ್ರೀಡಾ, ಎನ್.ಎಸ್.ಎಸ್., ರೋವರ್ಸ್ ಮತ್ತು ರೇಂಜರ್ಸ್ ಹಾಗೂ ರೆಡ್ ಕ್ರಾಸ್ ಘಟಕಗಳ ಸಮಾರೋಪ ಸಮಾರಂಭ ಉದ್ಘಾಟಿಸಿ ಮಾತನಾಡಿದರು. ವಿದ್ಯಾರ್ಥಿಗಳು ಸ್ಪರ್ಧಾತ್ಮಕ ಪರೀಕ್ಷೆಗಳಿಗೆ ಸಿದ್ಧತೆ ನಡೆಸಬೇಕು. ಪ್ರಾಮಾಣಿಕತೆ, ಶ್ರದ್ಧೆ ಮತ್ತು ಪರಿಶ್ರಮದಿಂದ ಯಶಸ್ಸು ಸಾಧ್ಯ. ಸಮಾಜಕ್ಕೆ ಒಳಿತು ಮಾಡುವ ಗುರಿ ಹೊಂದಿರಬೇಕು ಎಂದರು. ಕಾಲೇಜಿನ ಪ್ರಾಂಶುಪಾಲರು ಅಧ್ಯಕ್ಷತೆ ವಹಿಸಿದ್ದರು. ಕಾಲೇಜು ಅಭಿವೃದ್ಧಿ ಸಮಿತಿ ಸದಸ್ಯರು, ಉಪನ್ಯಾಸಕರು ಉಪಸ್ಥಿತರಿದ್ದರು. ವಿವಿಧ ಸ್ಪರ್ಧೆಗಳಲ್ಲಿ ವಿಜೇತರಾದವರಿಗೆ ಬಹುಮಾನ ವಿತರಿಸಲಾಯಿತು.
ಪದವೀಧರರು ಸ್ವತಂತ್ರವಾಗಿ ಬದುಕುವುದನ್ನು ಕಲಿಯಿರಿ
ಚಿಕ್ಕಮಗಳೂರು:	ಪದವೀಧರರು ಸ್ವತಂತ್ರವಾಗಿ ಬದುಕುವುದನ್ನು ಕಲಿಯಬೇಕು. ಸರ್ಕಾರಿ ಉದ್ಯೋಗಕ್ಕಾಗಿ ಕಾಯುವ ಬದಲು ಸ್ವ ಉದ್ಯೋಗ ಕೈಗೊಂಡು ಇತರರಿಗೂ ಉದ್ಯೋಗ ನೀಡುವಂತಾಗಬೇಕು ಎಂದು ಕುಲಪತಿಗಳು ಹೇಳಿದರು. ನಗರದ ಕಾಲೇಜಿನಲ್ಲಿ ಏರ್ಪಡಿಸಿದ್ದ ಪದವಿ ಪ್ರದಾನ ಸಮಾರಂಭದಲ್ಲಿ ಮಾತನಾಡಿದ ಅವರು, ಶಿಕ್ಷಣ ಕೇವಲ ಪ್ರಮಾಣ ಪತ್ರಕ್ಕೆ ಸೀಮಿತವಾಗಬಾರದು. ಕೌಶಲ್ಯಾಭಿವೃದ್ಧಿ ಮೂಲಕ ಸ್ವಾವಲಂಬಿ ಬದುಕು ರೂಪಿಸಿಕೊಳ್ಳಬೇಕು. ತಂತ್ರಜ್ಞಾನ ಯುಗದಲ್ಲಿ ಹೊಸ ಅವಕಾಶಗಳು ಸೃಷ್ಟಿಯಾಗುತ್ತಿದ್ದು ಅವುಗಳನ್ನು ಸದ್ಬಳಕೆ ಮಾಡಿಕೊಳ್ಳಬೇಕು ಎಂದರು. ಕಾಲೇಜಿನ ಆಡಳಿತ ಮಂಡಳಿ ಅಧ್ಯಕ್ಷರು ಅಧ್ಯಕ್ಷತೆ ವಹಿಸಿದ್ದರು. ರ‍್ಯಾಂಕ್ ಪಡೆದ ವಿದ್ಯಾರ್ಥಿಗಳನ್ನು ಸನ್ಮಾನಿಸಲಾಯಿತು. ಪ್ರಾಂಶುಪಾಲರು, ಉಪನ್ಯಾಸಕರು, ಪೋಷಕರು ಉಪಸ್ಥಿತರಿದ್ದರು. ಶೃಂಗೇರಿ ಶಾರದಾ ಪೀಠದ ಸ್ವಾಮೀಜಿ ಸಾನ್ನಿಧ್ಯ ವಹಿಸಿದ್ದರು.
ಪದವೀಧರರು ಸ್ವತಂತ್ರವಾಗಿ ಬದುಕುವುದನ್ನು ಕಲಿಯಬೇಕು. ಸರ್ಕಾರಿ ಉದ್ಯೋಗಕ್ಕಾಗಿ ಕಾಯುವ ಬದಲು ಸ್ವ ಉದ್ಯೋಗ ಕೈಗೊಂಡು ಇತರರಿಗೂ ಉದ್ಯೋಗ ನೀಡುವಂತಾಗಬೇಕು ಎಂದು ಕುಲಪತಿಗಳು ಹೇಳಿದರು. ನಗರದ ಕಾಲೇಜಿನಲ್ಲಿ ಏರ್ಪಡಿಸಿದ್ದ ಪದವಿ ಪ್ರದಾನ ಸಮಾರಂಭದಲ್ಲಿ ಮಾತನಾಡಿದ ಅವರು, ಶಿಕ್ಷಣ ಕೇವಲ ಪ್ರಮಾಣ ಪತ್ರಕ್ಕೆ ಸೀಮಿತವಾಗಬಾರದು. ಕೌಶಲ್ಯಾಭಿವೃದ್ಧಿ ಮೂಲಕ ಸ್ವಾವಲಂಬಿ ಬದುಕು ರೂಪಿಸಿಕೊಳ್ಳಬೇಕು. ತಂತ್ರಜ್ಞಾನ ಯುಗದಲ್ಲಿ ಹೊಸ ಅವಕಾಶಗಳು ಸೃಷ್ಟಿಯಾಗುತ್ತಿದ್ದು ಅವುಗಳನ್ನು ಸದ್ಬಳಕೆ ಮಾಡಿಕೊಳ್ಳಬೇಕು ಎಂದರು. ಕಾಲೇಜಿನ ಆಡಳಿತ ಮಂಡಳಿ ಅಧ್ಯಕ್ಷರು ಅಧ್ಯಕ್ಷತೆ ವಹಿಸಿದ್ದರು. ರ‍್ಯಾಂಕ್ ಪಡೆದ ವಿದ್ಯಾರ್ಥಿಗಳನ್ನು ಸನ್ಮಾನಿಸಲಾಯಿತು. ಪ್ರಾಂಶುಪಾಲರು, ಉಪನ್ಯಾಸಕರು, ಪೋಷಕರು ಉಪಸ್ಥಿತರಿದ್ದರು. ಶೃಂಗೇರಿ ಶಾರದಾ ಪೀಠದ ಸ್ವಾಮೀಜಿ ಸಾನ್ನಿಧ್ಯ ವಹಿಸಿದ್ದರು.
